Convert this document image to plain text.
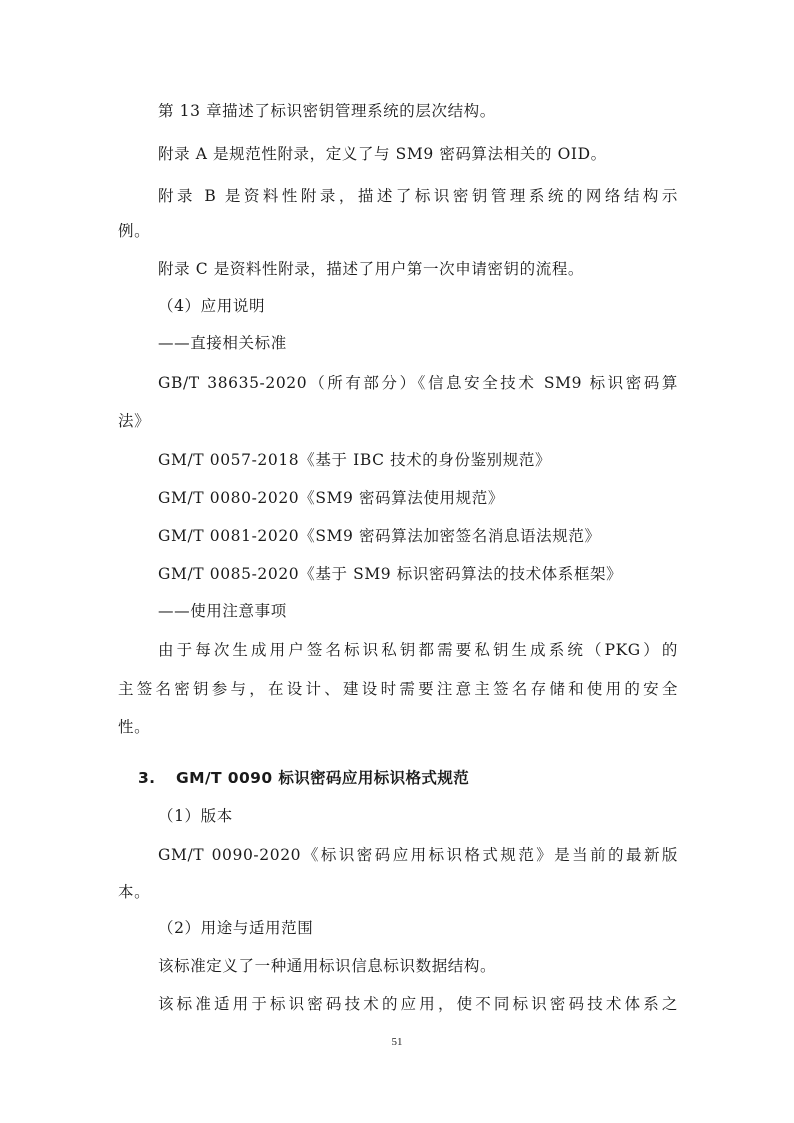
第 13 章描述了标识密钥管理系统的层次结构。
附录 A 是规范性附录，定义了与 SM9 密码算法相关的 OID。
附录 B 是资料性附录，描述了标识密钥管理系统的网络结构示
例。
附录 C 是资料性附录，描述了用户第一次申请密钥的流程。
（4）应用说明
——直接相关标准
GB/T 38635-2020（所有部分）《信息安全技术 SM9 标识密码算
法》
GM/T 0057-2018《基于 IBC 技术的身份鉴别规范》
GM/T 0080-2020《SM9 密码算法使用规范》
GM/T 0081-2020《SM9 密码算法加密签名消息语法规范》
GM/T 0085-2020《基于 SM9 标识密码算法的技术体系框架》
——使用注意事项
由于每次生成用户签名标识私钥都需要私钥生成系统（PKG）的
主签名密钥参与，在设计、建设时需要注意主签名存储和使用的安全
性。
3. GM/T 0090 标识密码应用标识格式规范
（1）版本
GM/T 0090-2020《标识密码应用标识格式规范》是当前的最新版
本。
（2）用途与适用范围
该标准定义了一种通用标识信息标识数据结构。
该标准适用于标识密码技术的应用，使不同标识密码技术体系之
51
